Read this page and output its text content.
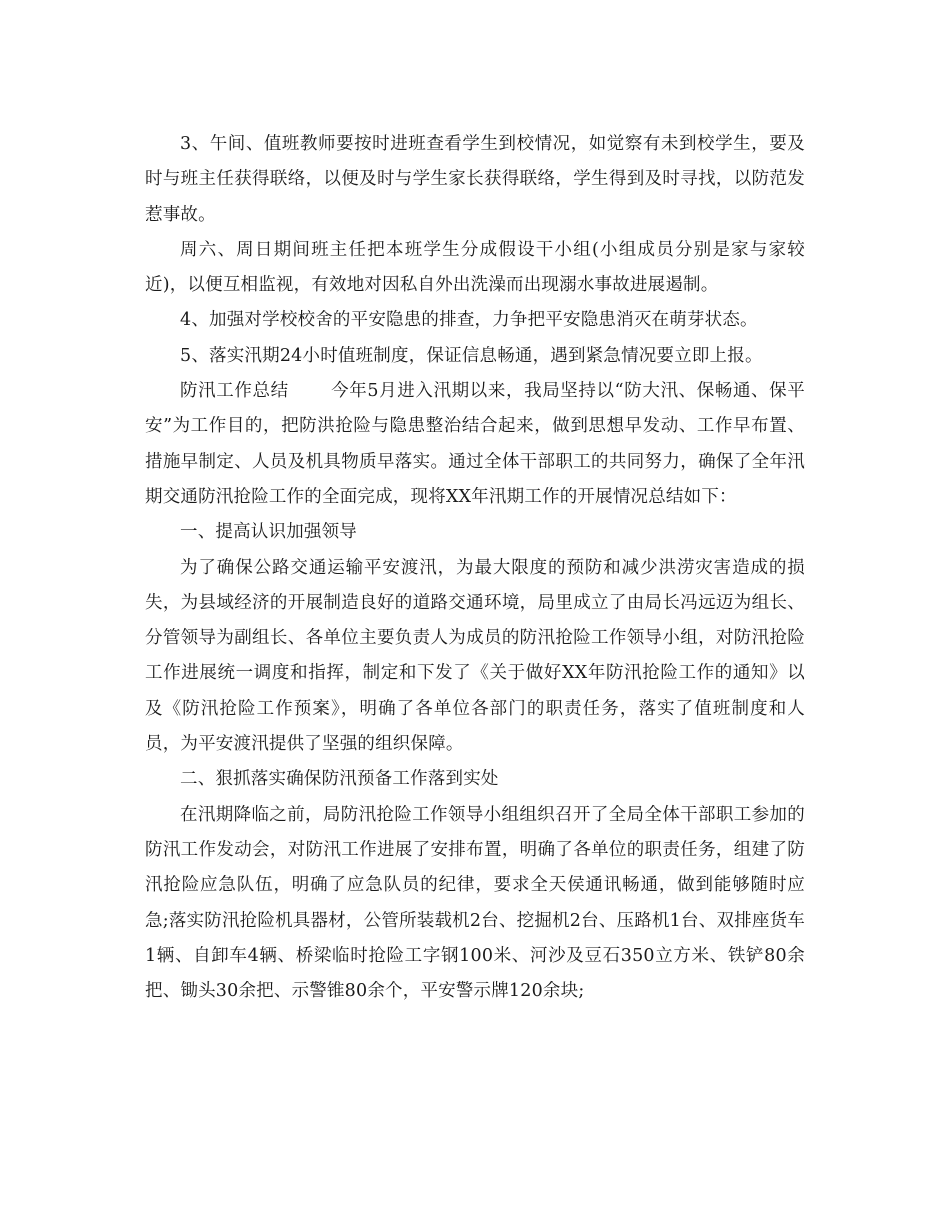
3、午间、值班教师要按时进班查看学生到校情况，如觉察有未到校学生，要及时与班主任获得联络，以便及时与学生家长获得联络，学生得到及时寻找，以防范发惹事故。

周六、周日期间班主任把本班学生分成假设干小组(小组成员分别是家与家较近)，以便互相监视，有效地对因私自外出洗澡而出现溺水事故进展遏制。

4、加强对学校校舍的平安隐患的排查，力争把平安隐患消灭在萌芽状态。

5、落实汛期24小时值班制度，保证信息畅通，遇到紧急情况要立即上报。

防汛工作总结 今年5月进入汛期以来，我局坚持以“防大汛、保畅通、保平安”为工作目的，把防洪抢险与隐患整治结合起来，做到思想早发动、工作早布置、措施早制定、人员及机具物质早落实。通过全体干部职工的共同努力，确保了全年汛期交通防汛抢险工作的全面完成，现将XX年汛期工作的开展情况总结如下：

一、提高认识加强领导

为了确保公路交通运输平安渡汛，为最大限度的预防和减少洪涝灾害造成的损失，为县域经济的开展制造良好的道路交通环境，局里成立了由局长冯远迈为组长、分管领导为副组长、各单位主要负责人为成员的防汛抢险工作领导小组，对防汛抢险工作进展统一调度和指挥，制定和下发了《关于做好XX年防汛抢险工作的通知》以及《防汛抢险工作预案》，明确了各单位各部门的职责任务，落实了值班制度和人员，为平安渡汛提供了坚强的组织保障。

二、狠抓落实确保防汛预备工作落到实处

在汛期降临之前，局防汛抢险工作领导小组组织召开了全局全体干部职工参加的防汛工作发动会，对防汛工作进展了安排布置，明确了各单位的职责任务，组建了防汛抢险应急队伍，明确了应急队员的纪律，要求全天侯通讯畅通，做到能够随时应急;落实防汛抢险机具器材，公管所装载机2台、挖掘机2台、压路机1台、双排座货车1辆、自卸车4辆、桥梁临时抢险工字钢100米、河沙及豆石350立方米、铁铲80余把、锄头30余把、示警锥80余个，平安警示牌120余块;
